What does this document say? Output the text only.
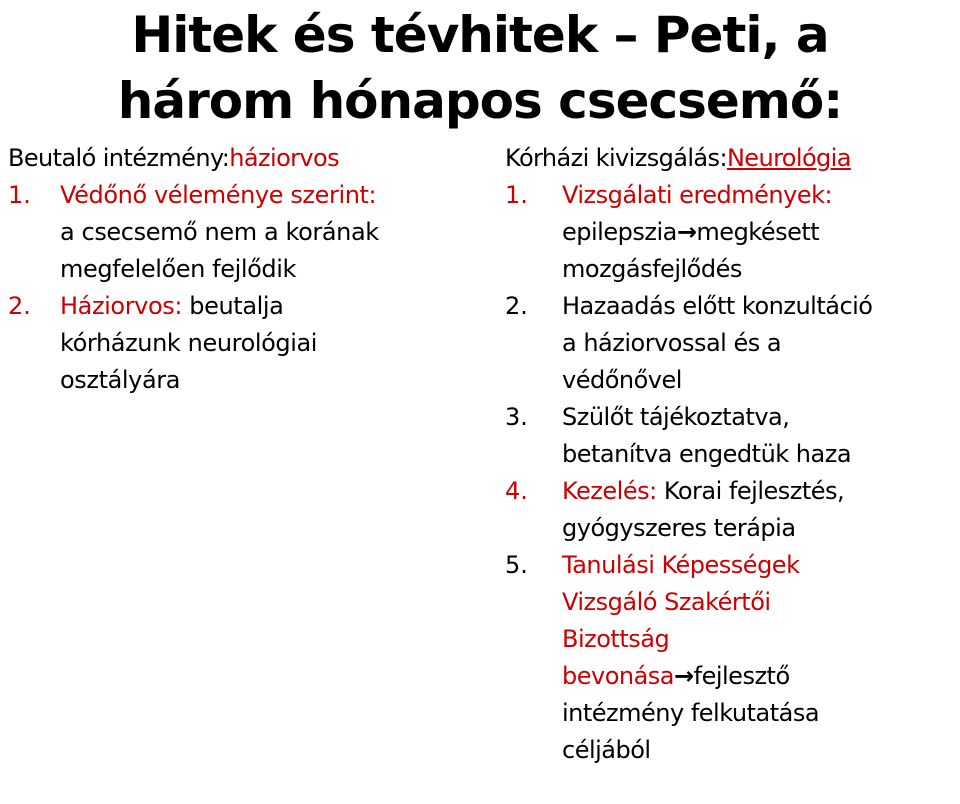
Hitek és tévhitek – Peti, a
három hónapos csecsemő:
Beutaló intézmény:háziorvos
1. Védőnő véleménye szerint:
a csecsemő nem a korának
megfelelően fejlődik
2. Háziorvos: beutalja
kórházunk neurológiai
osztályára
Kórházi kivizsgálás:Neurológia
1. Vizsgálati eredmények:
epilepszia→megkésett
mozgásfejlődés
2. Hazaadás előtt konzultáció
a háziorvossal és a
védőnővel
3. Szülőt tájékoztatva,
betanítva engedtük haza
4. Kezelés: Korai fejlesztés,
gyógyszeres terápia
5. Tanulási Képességek
Vizsgáló Szakértői
Bizottság
bevonása→fejlesztő
intézmény felkutatása
céljából
